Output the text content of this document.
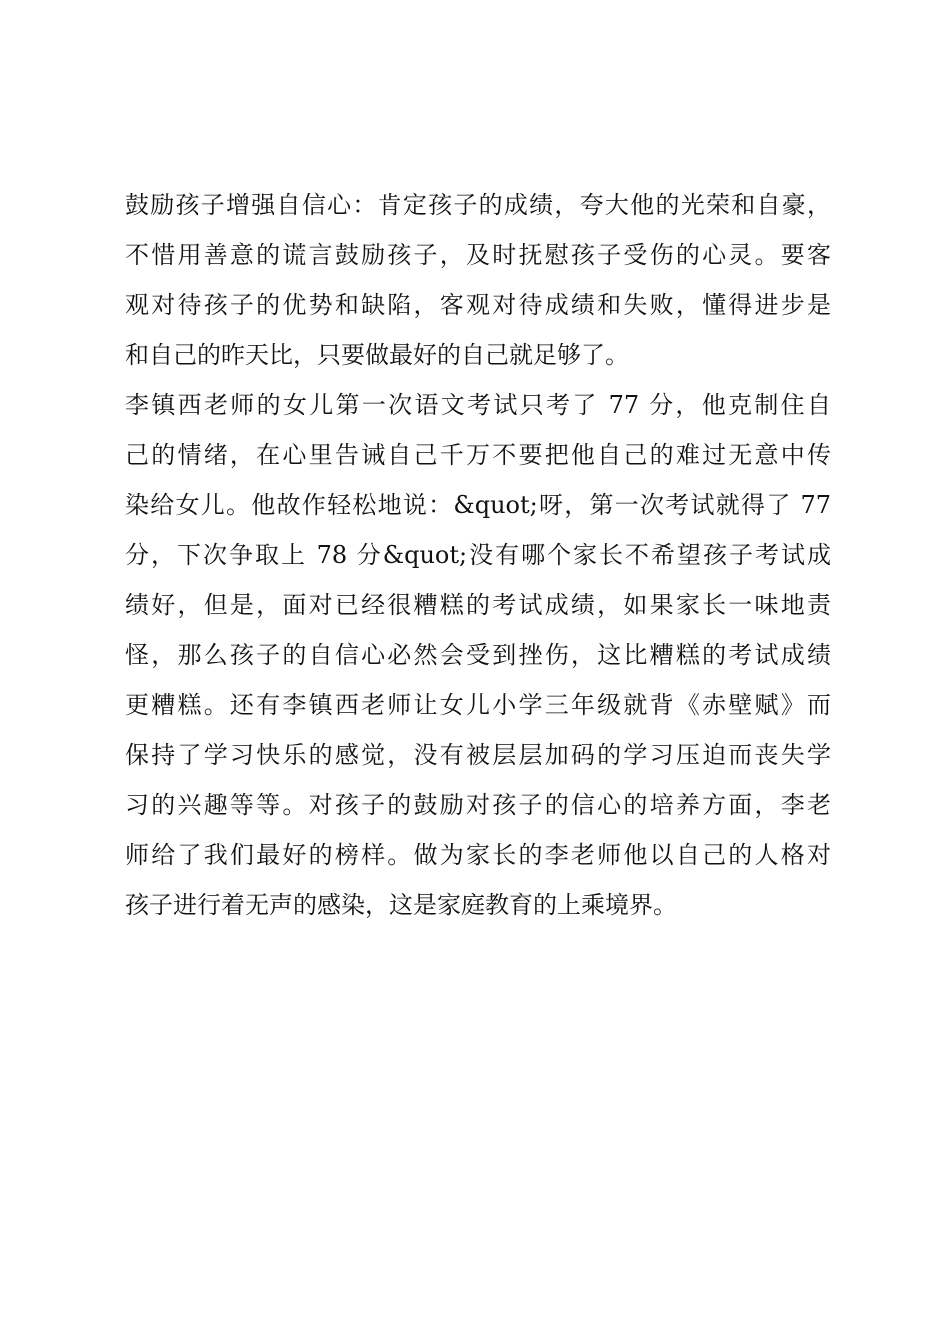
鼓励孩子增强自信心：肯定孩子的成绩，夸大他的光荣和自豪，
不惜用善意的谎言鼓励孩子，及时抚慰孩子受伤的心灵。要客
观对待孩子的优势和缺陷，客观对待成绩和失败，懂得进步是
和自己的昨天比，只要做最好的自己就足够了。
李镇西老师的女儿第一次语文考试只考了 77 分，他克制住自
己的情绪，在心里告诫自己千万不要把他自己的难过无意中传
染给女儿。他故作轻松地说：&quot;呀，第一次考试就得了 77
分，下次争取上 78 分&quot;没有哪个家长不希望孩子考试成
绩好，但是，面对已经很糟糕的考试成绩，如果家长一味地责
怪，那么孩子的自信心必然会受到挫伤，这比糟糕的考试成绩
更糟糕。还有李镇西老师让女儿小学三年级就背《赤壁赋》而
保持了学习快乐的感觉，没有被层层加码的学习压迫而丧失学
习的兴趣等等。对孩子的鼓励对孩子的信心的培养方面，李老
师给了我们最好的榜样。做为家长的李老师他以自己的人格对
孩子进行着无声的感染，这是家庭教育的上乘境界。
